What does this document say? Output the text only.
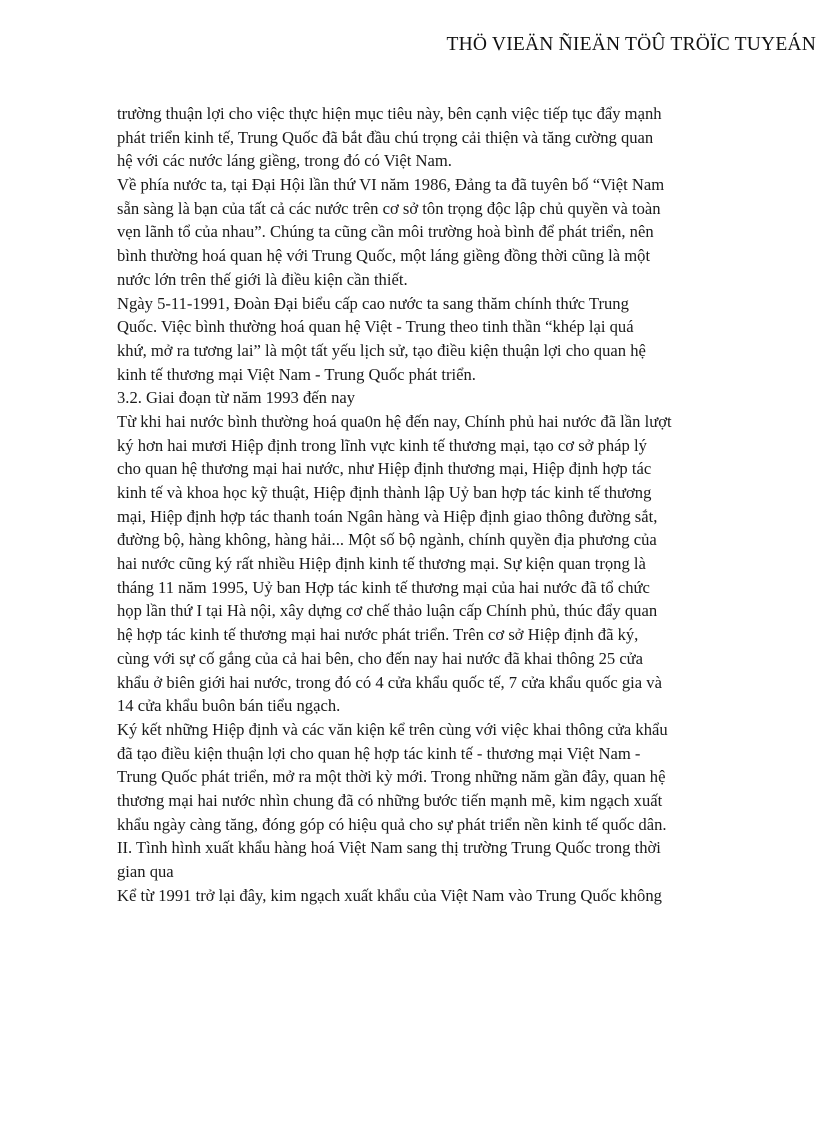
THÖ VIEÄN ÑIEÄN TÖÛ TRÖÏC TUYEÁN
trường thuận lợi cho việc thực hiện mục tiêu này, bên cạnh việc tiếp tục đẩy mạnh
phát triển kinh tế, Trung Quốc đã bắt đầu chú trọng cải thiện và tăng cường quan
hệ với các nước láng giềng, trong đó có Việt Nam.
Về phía nước ta, tại Đại Hội lần thứ VI năm 1986, Đảng ta đã tuyên bố “Việt Nam
sẵn sàng là bạn của tất cả các nước trên cơ sở tôn trọng độc lập chủ quyền và toàn
vẹn lãnh tổ của nhau”. Chúng ta cũng cần môi trường hoà bình để phát triển, nên
bình thường hoá quan hệ với Trung Quốc, một láng giềng đồng thời cũng là một
nước lớn trên thế giới là điều kiện cần thiết.
Ngày 5-11-1991, Đoàn Đại biểu cấp cao nước ta sang thăm chính thức Trung
Quốc. Việc bình thường hoá quan hệ Việt - Trung theo tinh thần “khép lại quá
khứ, mở ra tương lai” là một tất yếu lịch sử, tạo điều kiện thuận lợi cho quan hệ
kinh tế thương mại Việt Nam - Trung Quốc phát triển.
3.2. Giai đoạn từ năm 1993 đến nay
Từ khi hai nước bình thường hoá qua0n hệ đến nay, Chính phủ hai nước đã lần lượt
ký hơn hai mươi Hiệp định trong lĩnh vực kinh tế thương mại, tạo cơ sở pháp lý
cho quan hệ thương mại hai nước, như Hiệp định thương mại, Hiệp định hợp tác
kinh tế và khoa học kỹ thuật, Hiệp định thành lập Uỷ ban hợp tác kinh tế thương
mại, Hiệp định hợp tác thanh toán Ngân hàng và Hiệp định giao thông đường sắt,
đường bộ, hàng không, hàng hải... Một số bộ ngành, chính quyền địa phương của
hai nước cũng ký rất nhiều Hiệp định kinh tế thương mại. Sự kiện quan trọng là
tháng 11 năm 1995, Uỷ ban Hợp tác kinh tế thương mại của hai nước đã tổ chức
họp lần thứ I tại Hà nội, xây dựng cơ chế thảo luận cấp Chính phủ, thúc đẩy quan
hệ hợp tác kinh tế thương mại hai nước phát triển. Trên cơ sở Hiệp định đã ký,
cùng với sự cố gắng của cả hai bên, cho đến nay hai nước đã khai thông 25 cửa
khẩu ở biên giới hai nước, trong đó có 4 cửa khẩu quốc tế, 7 cửa khẩu quốc gia và
14 cửa khẩu buôn bán tiểu ngạch.
Ký kết những Hiệp định và các văn kiện kể trên cùng với việc khai thông cửa khẩu
đã tạo điều kiện thuận lợi cho quan hệ hợp tác kinh tế - thương mại Việt Nam -
Trung Quốc phát triển, mở ra một thời kỳ mới. Trong những năm gần đây, quan hệ
thương mại hai nước nhìn chung đã có những bước tiến mạnh mẽ, kim ngạch xuất
khẩu ngày càng tăng, đóng góp có hiệu quả cho sự phát triển nền kinh tế quốc dân.
II. Tình hình xuất khẩu hàng hoá Việt Nam sang thị trường Trung Quốc trong thời
gian qua
Kể từ 1991 trở lại đây, kim ngạch xuất khẩu của Việt Nam vào Trung Quốc không
